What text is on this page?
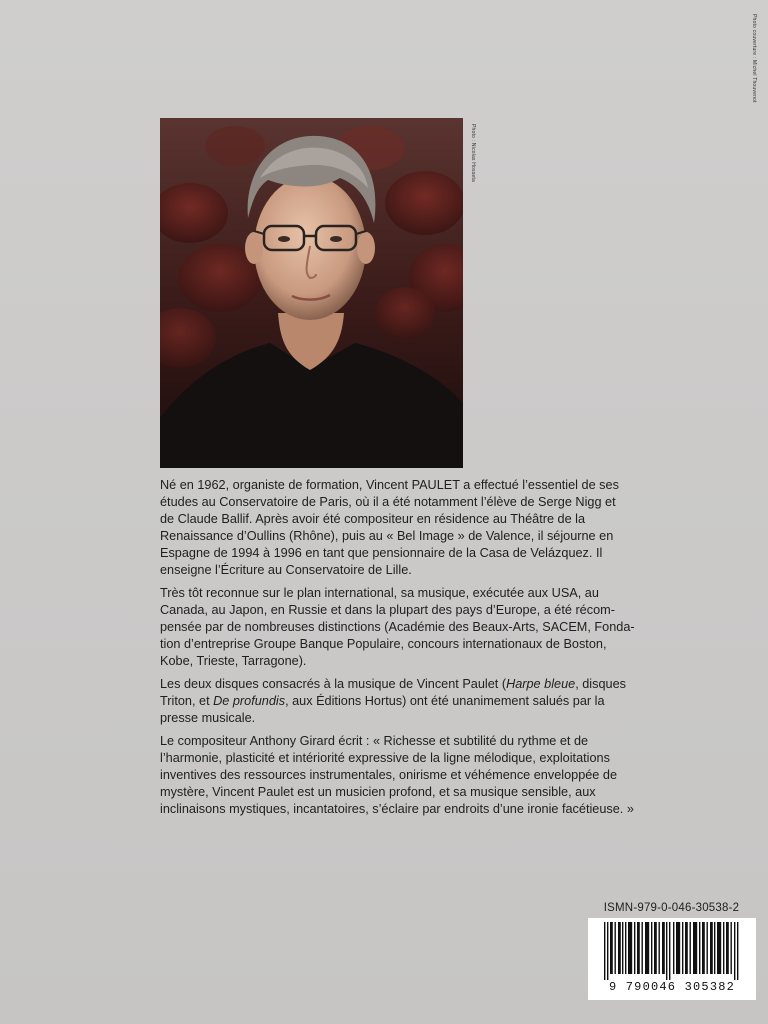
Photo couverture : Michel Thouvenot
Photo : Nicolas Hosseta

Né en 1962, organiste de formation, Vincent PAULET a effectué l’essentiel de ses
études au Conservatoire de Paris, où il a été notamment l’élève de Serge Nigg et
de Claude Ballif. Après avoir été compositeur en résidence au Théâtre de la
Renaissance d’Oullins (Rhône), puis au « Bel Image » de Valence, il séjourne en
Espagne de 1994 à 1996 en tant que pensionnaire de la Casa de Velázquez. Il
enseigne l’Écriture au Conservatoire de Lille.

Très tôt reconnue sur le plan international, sa musique, exécutée aux USA, au
Canada, au Japon, en Russie et dans la plupart des pays d’Europe, a été récom-
pensée par de nombreuses distinctions (Académie des Beaux-Arts, SACEM, Fonda-
tion d’entreprise Groupe Banque Populaire, concours internationaux de Boston,
Kobe, Trieste, Tarragone).

Les deux disques consacrés à la musique de Vincent Paulet (Harpe bleue, disques
Triton, et De profundis, aux Éditions Hortus) ont été unanimement salués par la
presse musicale.

Le compositeur Anthony Girard écrit : « Richesse et subtilité du rythme et de
l’harmonie, plasticité et intériorité expressive de la ligne mélodique, exploitations
inventives des ressources instrumentales, onirisme et véhémence enveloppée de
mystère, Vincent Paulet est un musicien profond, et sa musique sensible, aux
inclinaisons mystiques, incantatoires, s’éclaire par endroits d’une ironie facétieuse. »

ISMN-979-0-046-30538-2
9 790046 305382
